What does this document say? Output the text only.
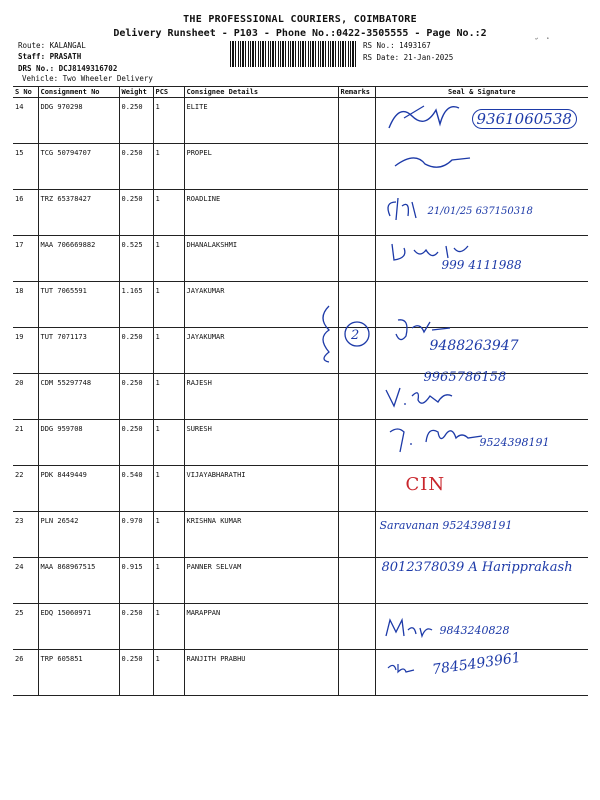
THE PROFESSIONAL COURIERS, COIMBATORE
Delivery Runsheet - P103 - Phone No.:0422-3505555 - Page No.:2
Route: KALANGAL
Staff: PRASATH
DRS No.: DCJ8149316702
Vehicle: Two Wheeler Delivery
RS No.: 1493167
RS Date: 21-Jan-2025
˘ ·
S No	Consignment No	Weight	PCS	Consignee Details	Remarks	Seal & Signature
14	DDG 970298	0.250	1	ELITE		9361060538

15	TCG 50794707	0.250	1	PROPEL		

16	TRZ 65378427	0.250	1	ROADLINE		21/01/25 637150318

17	MAA 706669882	0.525	1	DHANALAKSHMI		999 4111988

18	TUT 7065591	1.165	1	JAYAKUMAR	2	

19	TUT 7071173	0.250	1	JAYAKUMAR		9488263947

20	CDM 55297748	0.250	1	RAJESH		9965786158

21	DDG 959708	0.250	1	SURESH		9524398191

22	PDK 8449449	0.540	1	VIJAYABHARATHI		CIN

23	PLN 26542	0.970	1	KRISHNA KUMAR		Saravanan 9524398191

24	MAA 868967515	0.915	1	PANNER SELVAM		8012378039 A Haripprakash

25	EDQ 15060971	0.250	1	MARAPPAN		9843240828

26	TRP 605851	0.250	1	RANJITH PRABHU		7845493961
